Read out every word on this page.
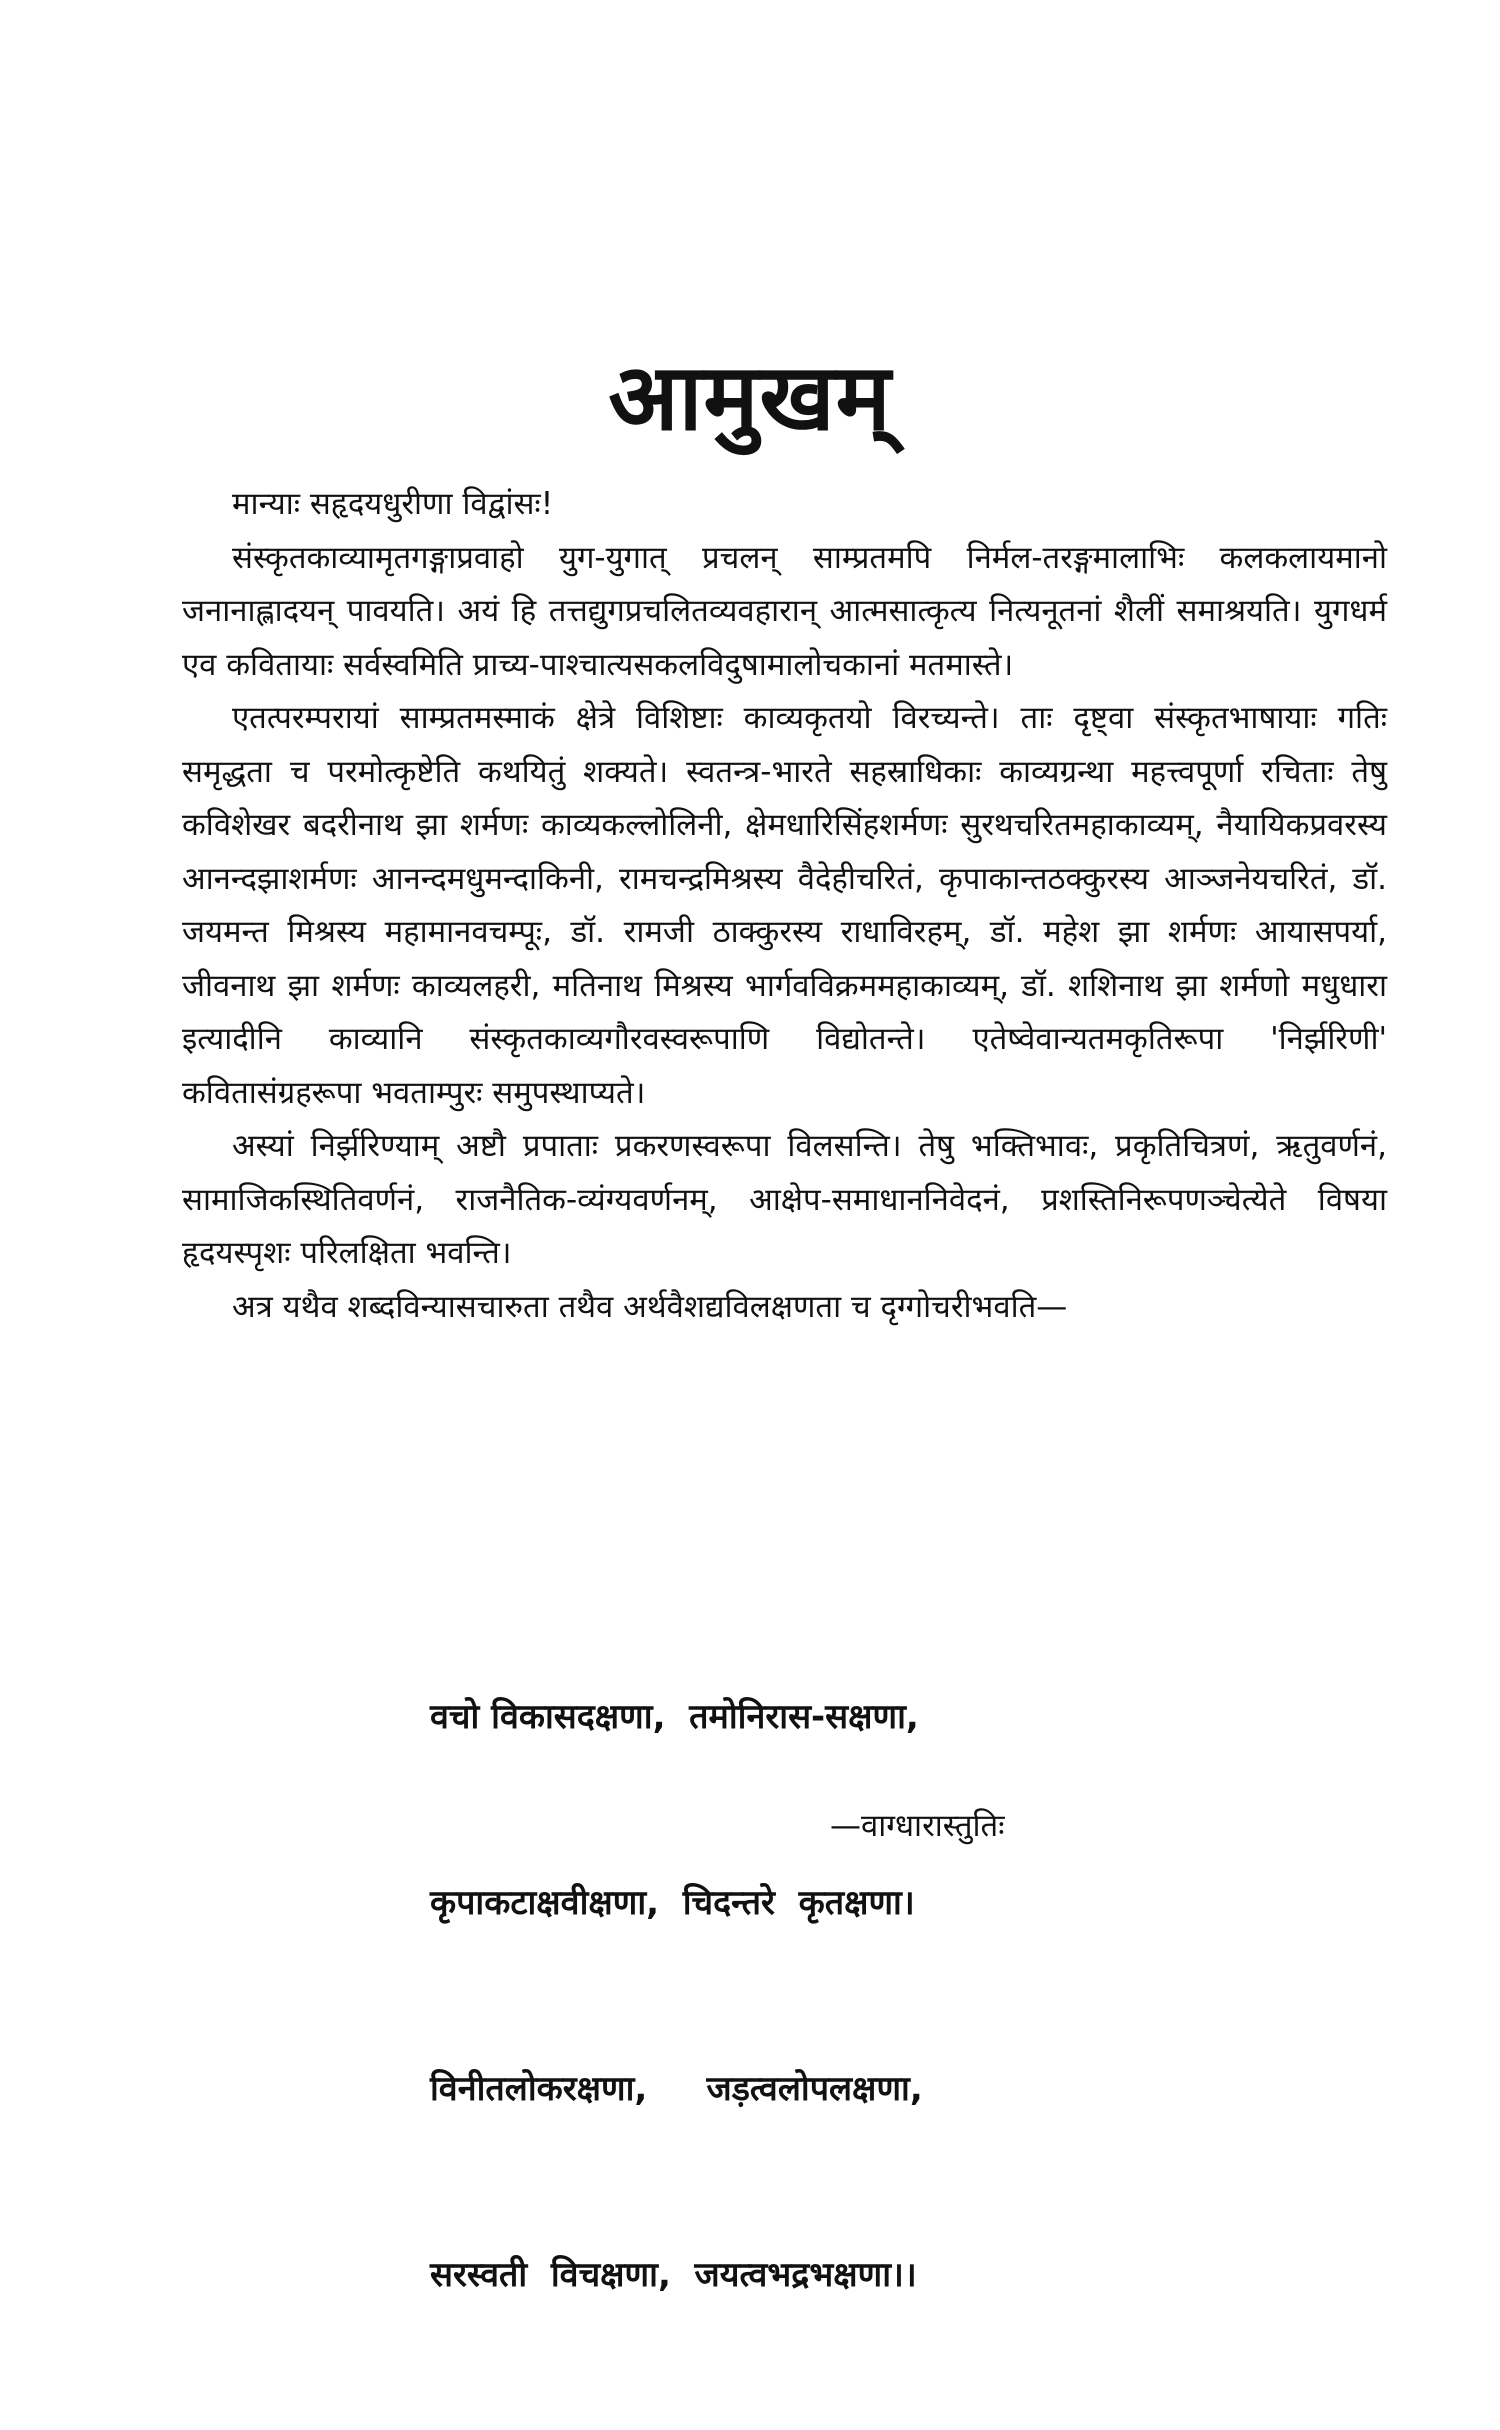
आमुखम्

मान्याः सहृदयधुरीणा विद्वांसः!

संस्कृतकाव्यामृतगङ्गाप्रवाहो युग-युगात् प्रचलन् साम्प्रतमपि निर्मल-तरङ्गमालाभिः कलकलायमानो जनानाह्लादयन् पावयति। अयं हि तत्तद्युगप्रचलितव्यवहारान् आत्मसात्कृत्य नित्यनूतनां शैलीं समाश्रयति। युगधर्म एव कवितायाः सर्वस्वमिति प्राच्य-पाश्चात्यसकलविदुषामालोचकानां मतमास्ते।

एतत्परम्परायां साम्प्रतमस्माकं क्षेत्रे विशिष्टाः काव्यकृतयो विरच्यन्ते। ताः दृष्ट्वा संस्कृतभाषायाः गतिः समृद्धता च परमोत्कृष्टेति कथयितुं शक्यते। स्वतन्त्र-भारते सहस्राधिकाः काव्यग्रन्था महत्त्वपूर्णा रचिताः तेषु कविशेखर बदरीनाथ झा शर्मणः काव्यकल्लोलिनी, क्षेमधारिसिंहशर्मणः सुरथचरितमहाकाव्यम्, नैयायिकप्रवरस्य आनन्दझाशर्मणः आनन्दमधुमन्दाकिनी, रामचन्द्रमिश्रस्य वैदेहीचरितं, कृपाकान्तठक्कुरस्य आञ्जनेयचरितं, डॉ. जयमन्त मिश्रस्य महामानवचम्पूः, डॉ. रामजी ठाक्कुरस्य राधाविरहम्, डॉ. महेश झा शर्मणः आयासपर्या, जीवनाथ झा शर्मणः काव्यलहरी, मतिनाथ मिश्रस्य भार्गवविक्रममहाकाव्यम्, डॉ. शशिनाथ झा शर्मणो मधुधारा इत्यादीनि काव्यानि संस्कृतकाव्यगौरवस्वरूपाणि विद्योतन्ते। एतेष्वेवान्यतमकृतिरूपा 'निर्झरिणी' कवितासंग्रहरूपा भवताम्पुरः समुपस्थाप्यते।

अस्यां निर्झरिण्याम् अष्टौ प्रपाताः प्रकरणस्वरूपा विलसन्ति। तेषु भक्तिभावः, प्रकृतिचित्रणं, ऋतुवर्णनं, सामाजिकस्थितिवर्णनं, राजनैतिक-व्यंग्यवर्णनम्, आक्षेप-समाधाननिवेदनं, प्रशस्तिनिरूपणञ्चेत्येते विषया हृदयस्पृशः परिलक्षिता भवन्ति।

अत्र यथैव शब्दविन्यासचारुता तथैव अर्थवैशद्यविलक्षणता च दृग्गोचरीभवति—

वचो विकासदक्षणा,  तमोनिरास-सक्षणा,

कृपाकटाक्षवीक्षणा,  चिदन्तरे  कृतक्षणा।

विनीतलोकरक्षणा,     जड़त्वलोपलक्षणा,

सरस्वती  विचक्षणा,  जयत्वभद्रभक्षणा।।

—वाग्धारास्तुतिः
